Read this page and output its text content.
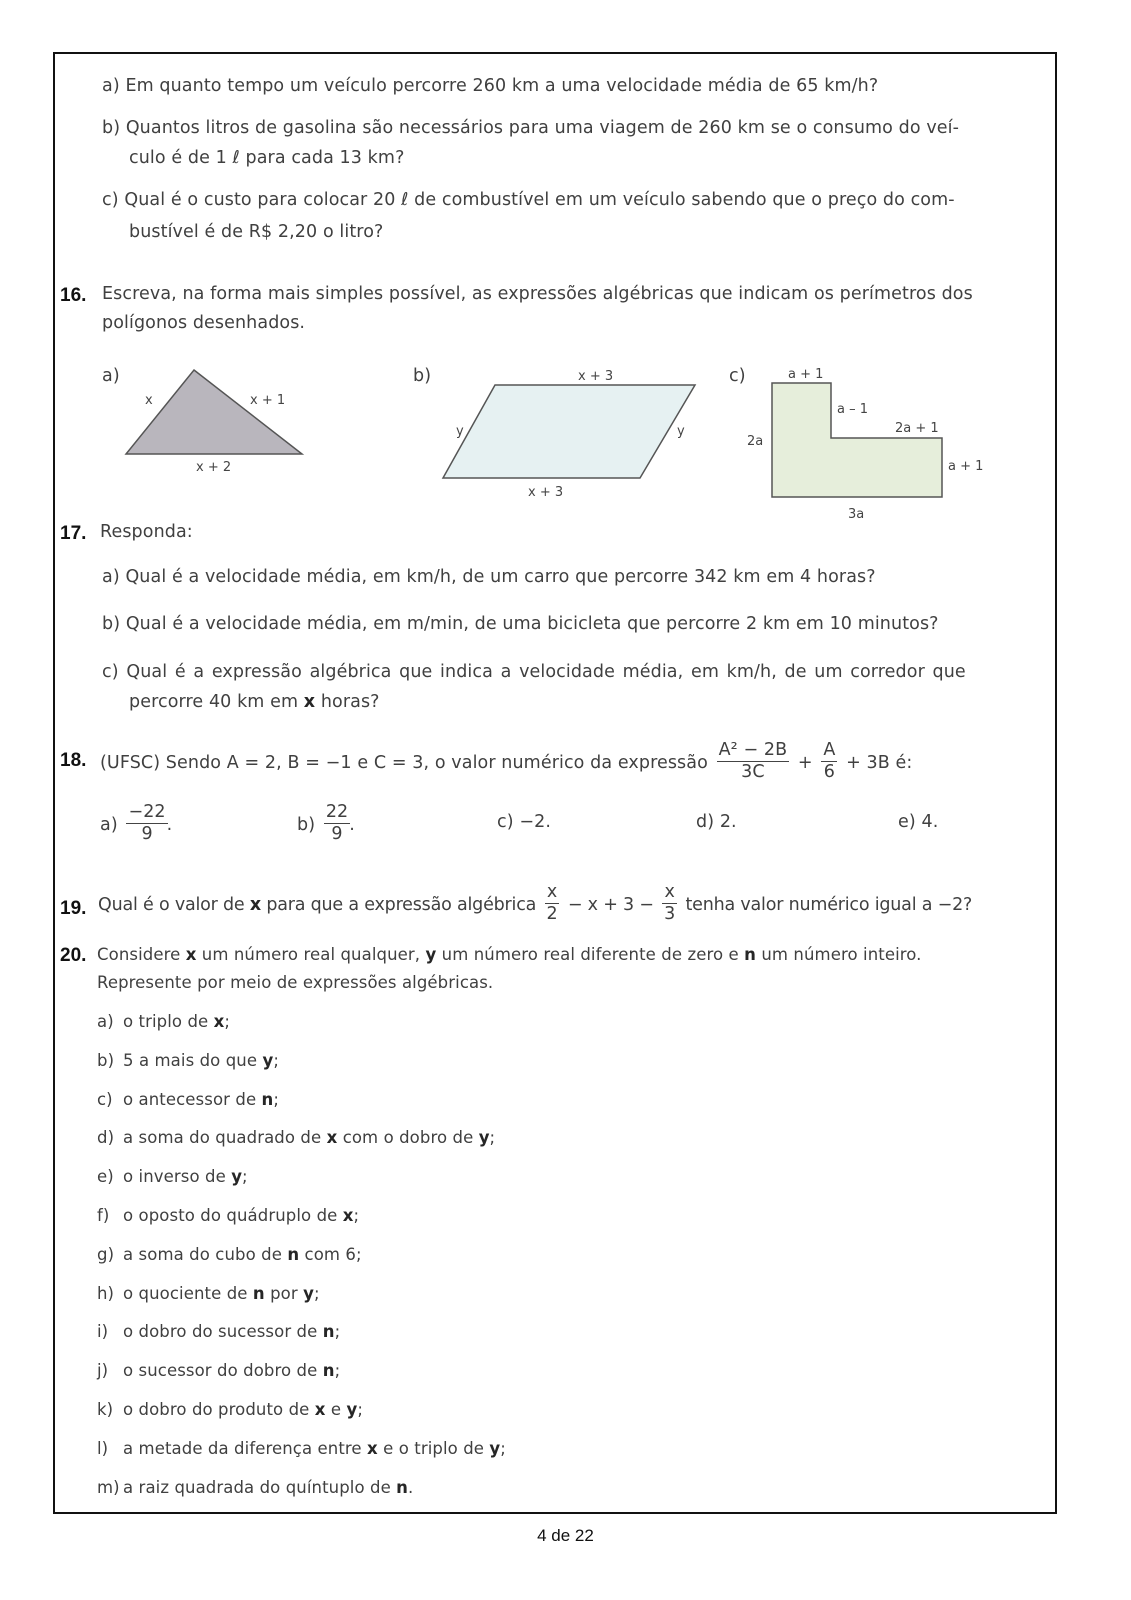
a) Em quanto tempo um veículo percorre 260 km a uma velocidade média de 65 km/h?
b) Quantos litros de gasolina são necessários para uma viagem de 260 km se o consumo do veí-
culo é de 1 ℓ para cada 13 km?
c) Qual é o custo para colocar 20 ℓ de combustível em um veículo sabendo que o preço do com-
bustível é de R$ 2,20 o litro?
16. Escreva, na forma mais simples possível, as expressões algébricas que indicam os perímetros dos
polígonos desenhados.
a)
x	x + 1
x + 2
b)	x + 3
y	y
x + 3
c)	a + 1
a – 1
2a + 1
2a
a + 1
3a
17. Responda:
a) Qual é a velocidade média, em km/h, de um carro que percorre 342 km em 4 horas?
b) Qual é a velocidade média, em m/min, de uma bicicleta que percorre 2 km em 10 minutos?
c) Qual é a expressão algébrica que indica a velocidade média, em km/h, de um corredor que
percorre 40 km em x horas?
18. (UFSC) Sendo A = 2, B = −1 e C = 3, o valor numérico da expressão $\frac{\text{A² − 2B}}{3C} + \frac{A}{6} + 3B$ é:
$a) \frac{-22}{9}$ .	$b) \frac{22}{9}$ .	c) −2.	d) 2.	e) 4.
19. Qual é o valor de x para que a expressão algébrica $\frac{x}{2} - x + 3 - \frac{x}{3}$ tenha valor numérico igual a −2?
20. Considere x um número real qualquer, y um número real diferente de zero e n um número inteiro.
Represente por meio de expressões algébricas.
a) o triplo de x;
b) 5 a mais do que y;
c) o antecessor de n;
d) a soma do quadrado de x com o dobro de y;
e) o inverso de y;
f) o oposto do quádruplo de x;
g) a soma do cubo de n com 6;
h) o quociente de n por y;
i) o dobro do sucessor de n;
j) o sucessor do dobro de n;
k) o dobro do produto de x e y;
l) a metade da diferença entre x e o triplo de y;
m) a raiz quadrada do quíntuplo de n.
4 de 22
